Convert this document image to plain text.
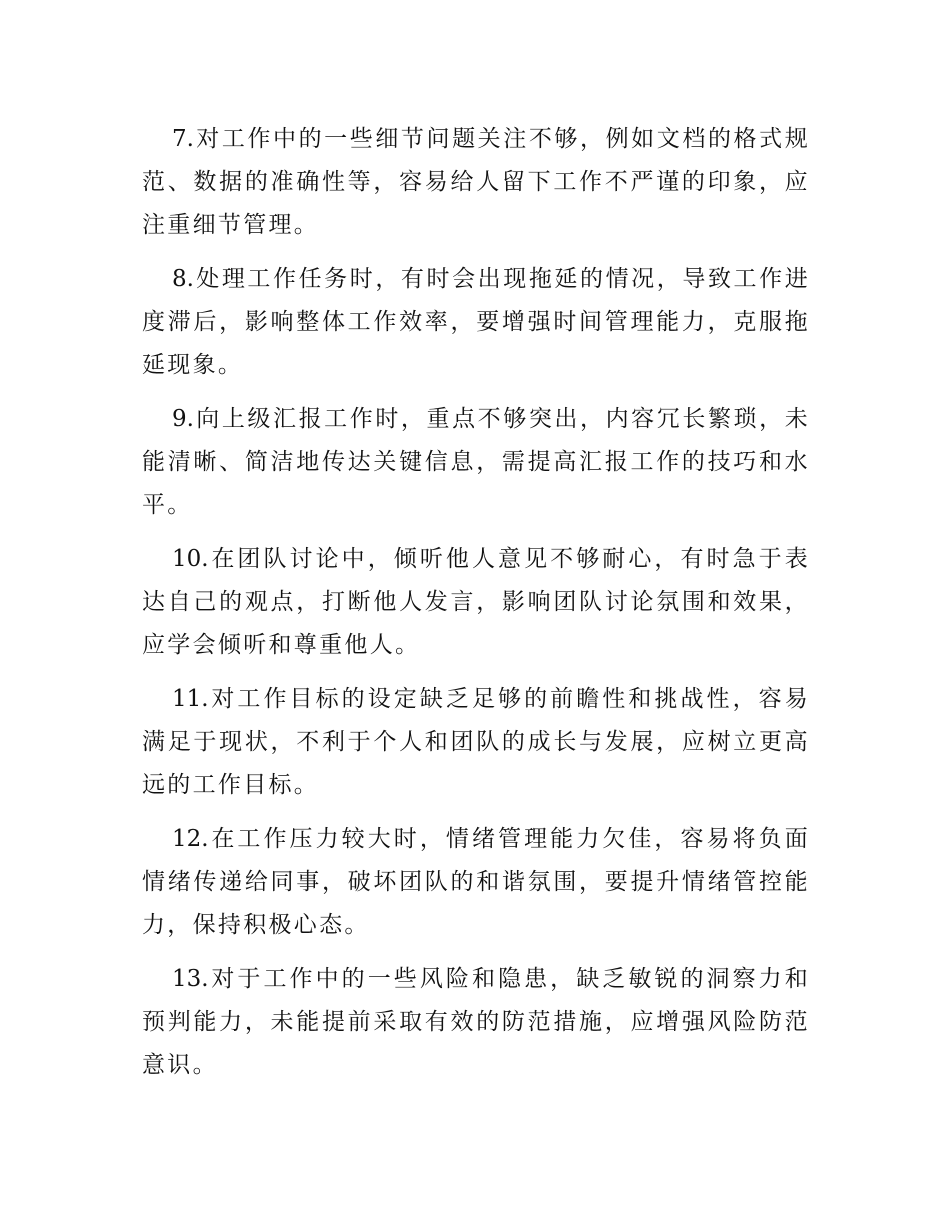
7.对工作中的一些细节问题关注不够，例如文档的格式规范、数据的准确性等，容易给人留下工作不严谨的印象，应注重细节管理。

8.处理工作任务时，有时会出现拖延的情况，导致工作进度滞后，影响整体工作效率，要增强时间管理能力，克服拖延现象。

9.向上级汇报工作时，重点不够突出，内容冗长繁琐，未能清晰、简洁地传达关键信息，需提高汇报工作的技巧和水平。

10.在团队讨论中，倾听他人意见不够耐心，有时急于表达自己的观点，打断他人发言，影响团队讨论氛围和效果，应学会倾听和尊重他人。

11.对工作目标的设定缺乏足够的前瞻性和挑战性，容易满足于现状，不利于个人和团队的成长与发展，应树立更高远的工作目标。

12.在工作压力较大时，情绪管理能力欠佳，容易将负面情绪传递给同事，破坏团队的和谐氛围，要提升情绪管控能力，保持积极心态。

13.对于工作中的一些风险和隐患，缺乏敏锐的洞察力和预判能力，未能提前采取有效的防范措施，应增强风险防范意识。
